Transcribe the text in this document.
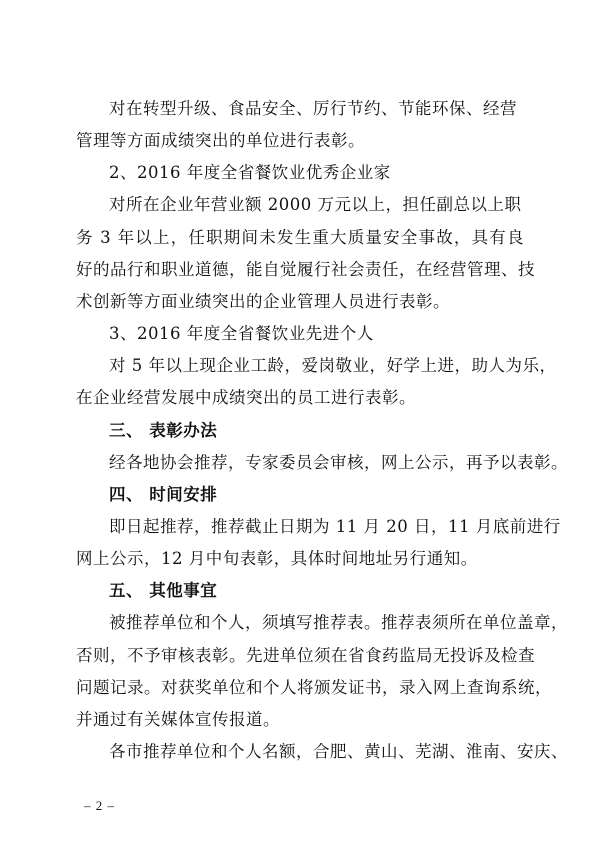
对在转型升级、食品安全、厉行节约、节能环保、经营
管理等方面成绩突出的单位进行表彰。
2、2016 年度全省餐饮业优秀企业家
对所在企业年营业额 2000 万元以上，担任副总以上职
务 3 年以上，任职期间未发生重大质量安全事故，具有良
好的品行和职业道德，能自觉履行社会责任，在经营管理、技
术创新等方面业绩突出的企业管理人员进行表彰。
3、2016 年度全省餐饮业先进个人
对 5 年以上现企业工龄，爱岗敬业，好学上进，助人为乐，
在企业经营发展中成绩突出的员工进行表彰。
三、 表彰办法
经各地协会推荐，专家委员会审核，网上公示，再予以表彰。
四、 时间安排
即日起推荐，推荐截止日期为 11 月 20 日，11 月底前进行
网上公示，12 月中旬表彰，具体时间地址另行通知。
五、 其他事宜
被推荐单位和个人，须填写推荐表。推荐表须所在单位盖章，
否则，不予审核表彰。先进单位须在省食药监局无投诉及检查
问题记录。对获奖单位和个人将颁发证书，录入网上查询系统，
并通过有关媒体宣传报道。
各市推荐单位和个人名额，合肥、黄山、芜湖、淮南、安庆、
– 2 –
